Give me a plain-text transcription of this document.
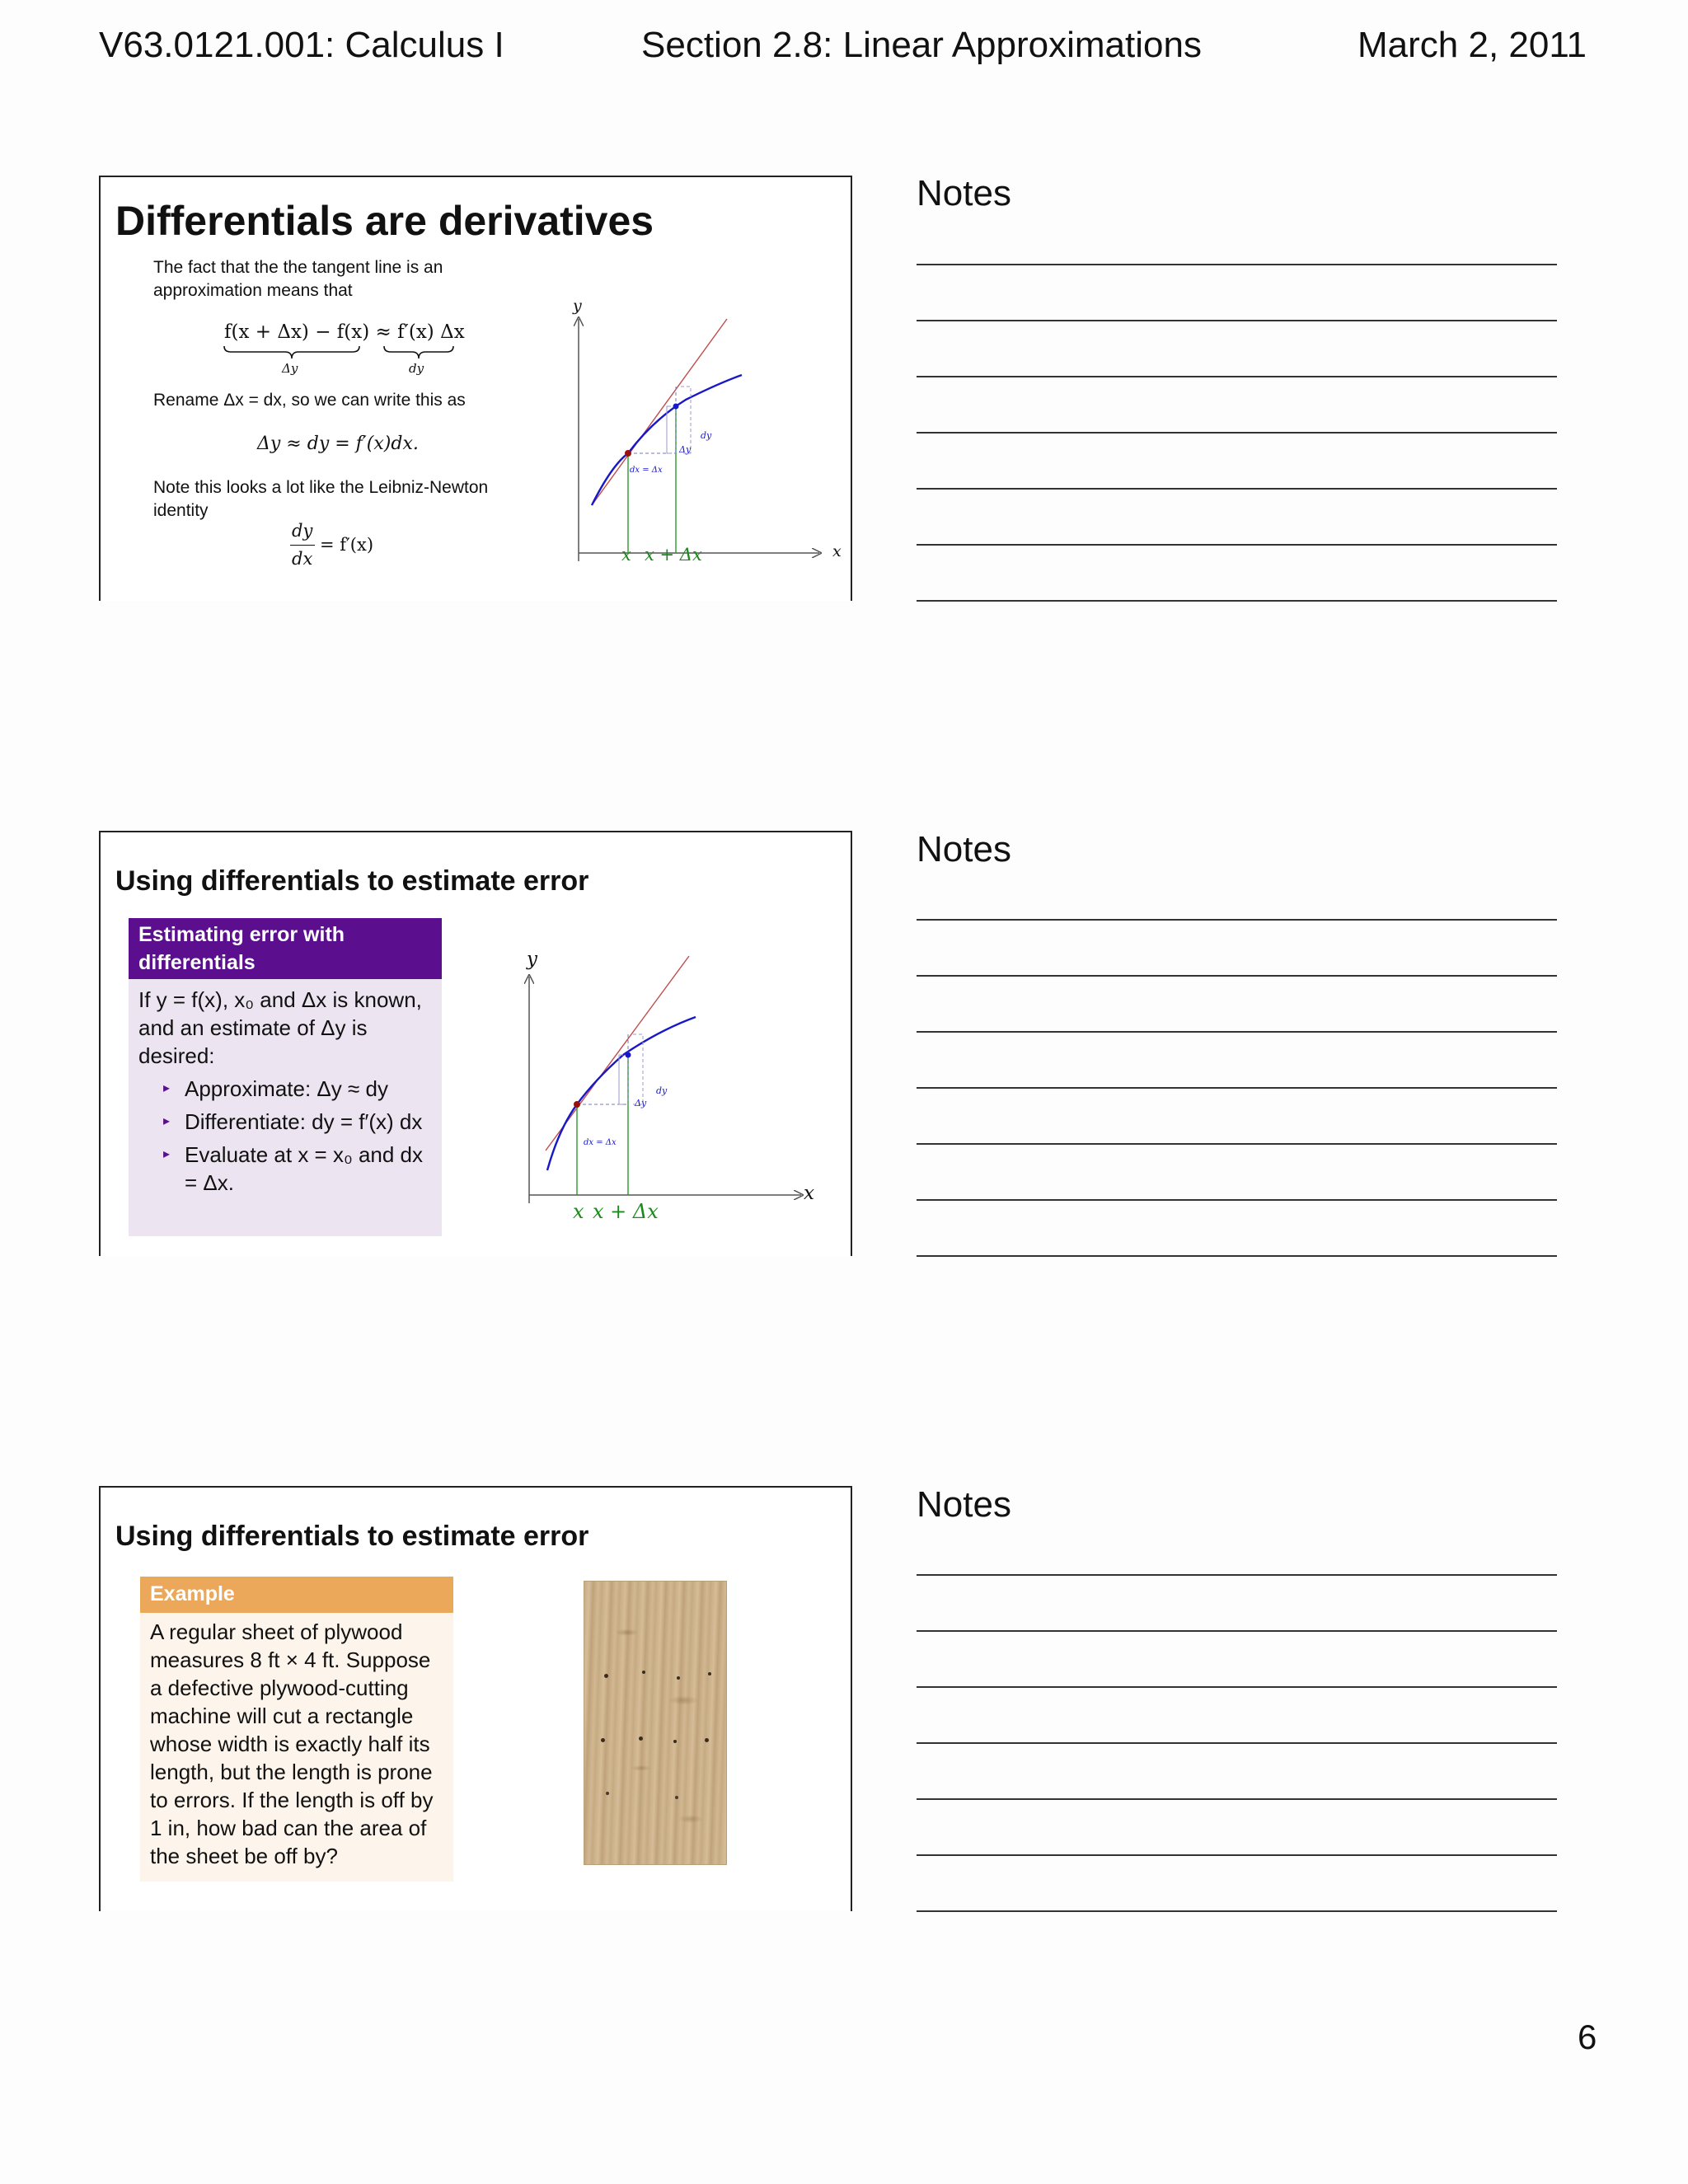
V63.0121.001: Calculus I	Section 2.8: Linear Approximations	March 2, 2011
Differentials are derivatives
The fact that the the tangent line is an approximation means that
f(x + Δx) − f(x) ≈ f′(x) Δx
Δy	dy
Rename Δx = dx, so we can write this as
Δy ≈ dy = f′(x)dx.
Note this looks a lot like the Leibniz-Newton identity
dy
dx
= f′(x)
y
x
dy
Δy
dx = Δx
x x + Δx
Notes
Using differentials to estimate error
Estimating error with differentials
If y = f(x), x₀ and Δx is known, and an estimate of Δy is desired:
▸ Approximate: Δy ≈ dy
▸ Differentiate: dy = f′(x) dx
▸ Evaluate at x = x₀ and dx = Δx.
y
x
dy
Δy
dx = Δx
x x + Δx
Notes
Using differentials to estimate error
Example
A regular sheet of plywood measures 8 ft × 4 ft. Suppose a defective plywood-cutting machine will cut a rectangle whose width is exactly half its length, but the length is prone to errors. If the length is off by 1 in, how bad can the area of the sheet be off by?
Notes
6
